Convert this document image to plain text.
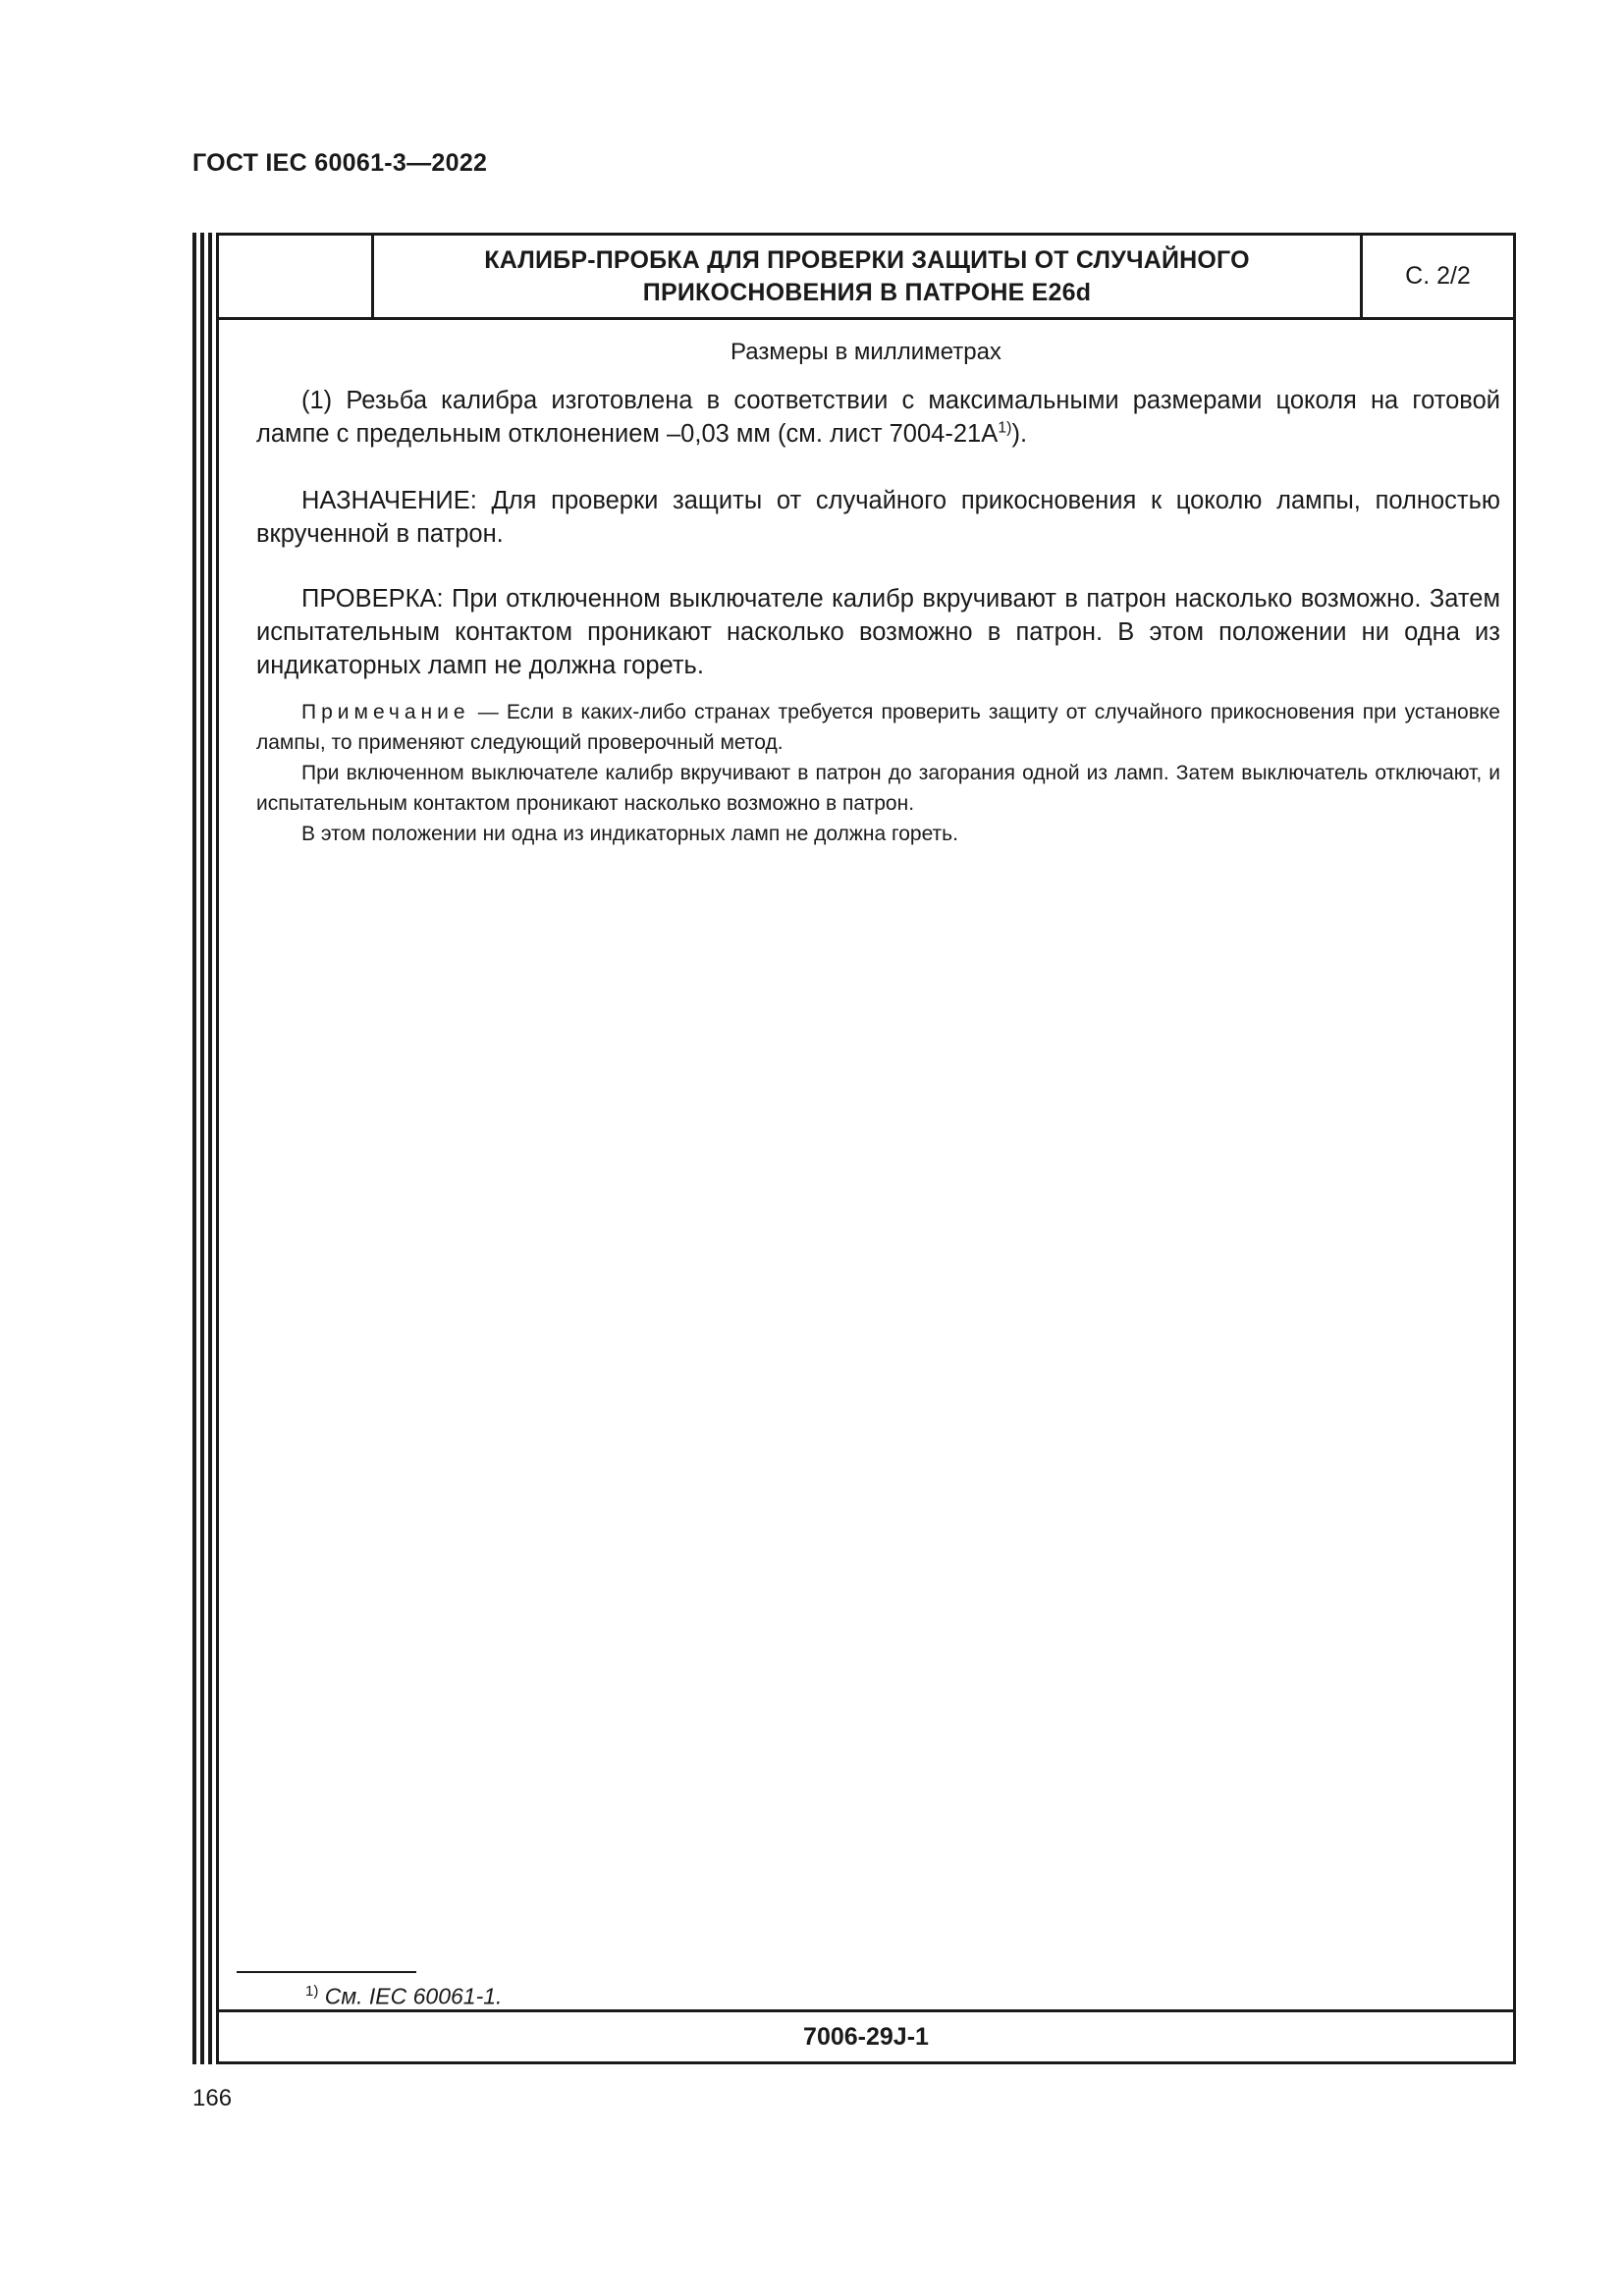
ГОСТ IEC 60061-3—2022
КАЛИБР-ПРОБКА ДЛЯ ПРОВЕРКИ ЗАЩИТЫ ОТ СЛУЧАЙНОГО
ПРИКОСНОВЕНИЯ В ПАТРОНЕ E26d
С. 2/2
Размеры в миллиметрах

(1) Резьба калибра изготовлена в соответствии с максимальными размерами цоколя на готовой лампе с предельным отклонением –0,03 мм (см. лист $7004-21A^{1)}$).

НАЗНАЧЕНИЕ: Для проверки защиты от случайного прикосновения к цоколю лампы, полностью вкрученной в патрон.

ПРОВЕРКА: При отключенном выключателе калибр вкручивают в патрон насколько возможно. Затем испытательным контактом проникают насколько возможно в патрон. В этом положении ни одна из индикаторных ламп не должна гореть.

Примечание — Если в каких-либо странах требуется проверить защиту от случайного прикосновения при установке лампы, то применяют следующий проверочный метод.

При включенном выключателе калибр вкручивают в патрон до загорания одной из ламп. Затем выключатель отключают, и испытательным контактом проникают насколько возможно в патрон.

В этом положении ни одна из индикаторных ламп не должна гореть.

$^{1)}$ См. IEC 60061-1.
7006-29J-1
166
